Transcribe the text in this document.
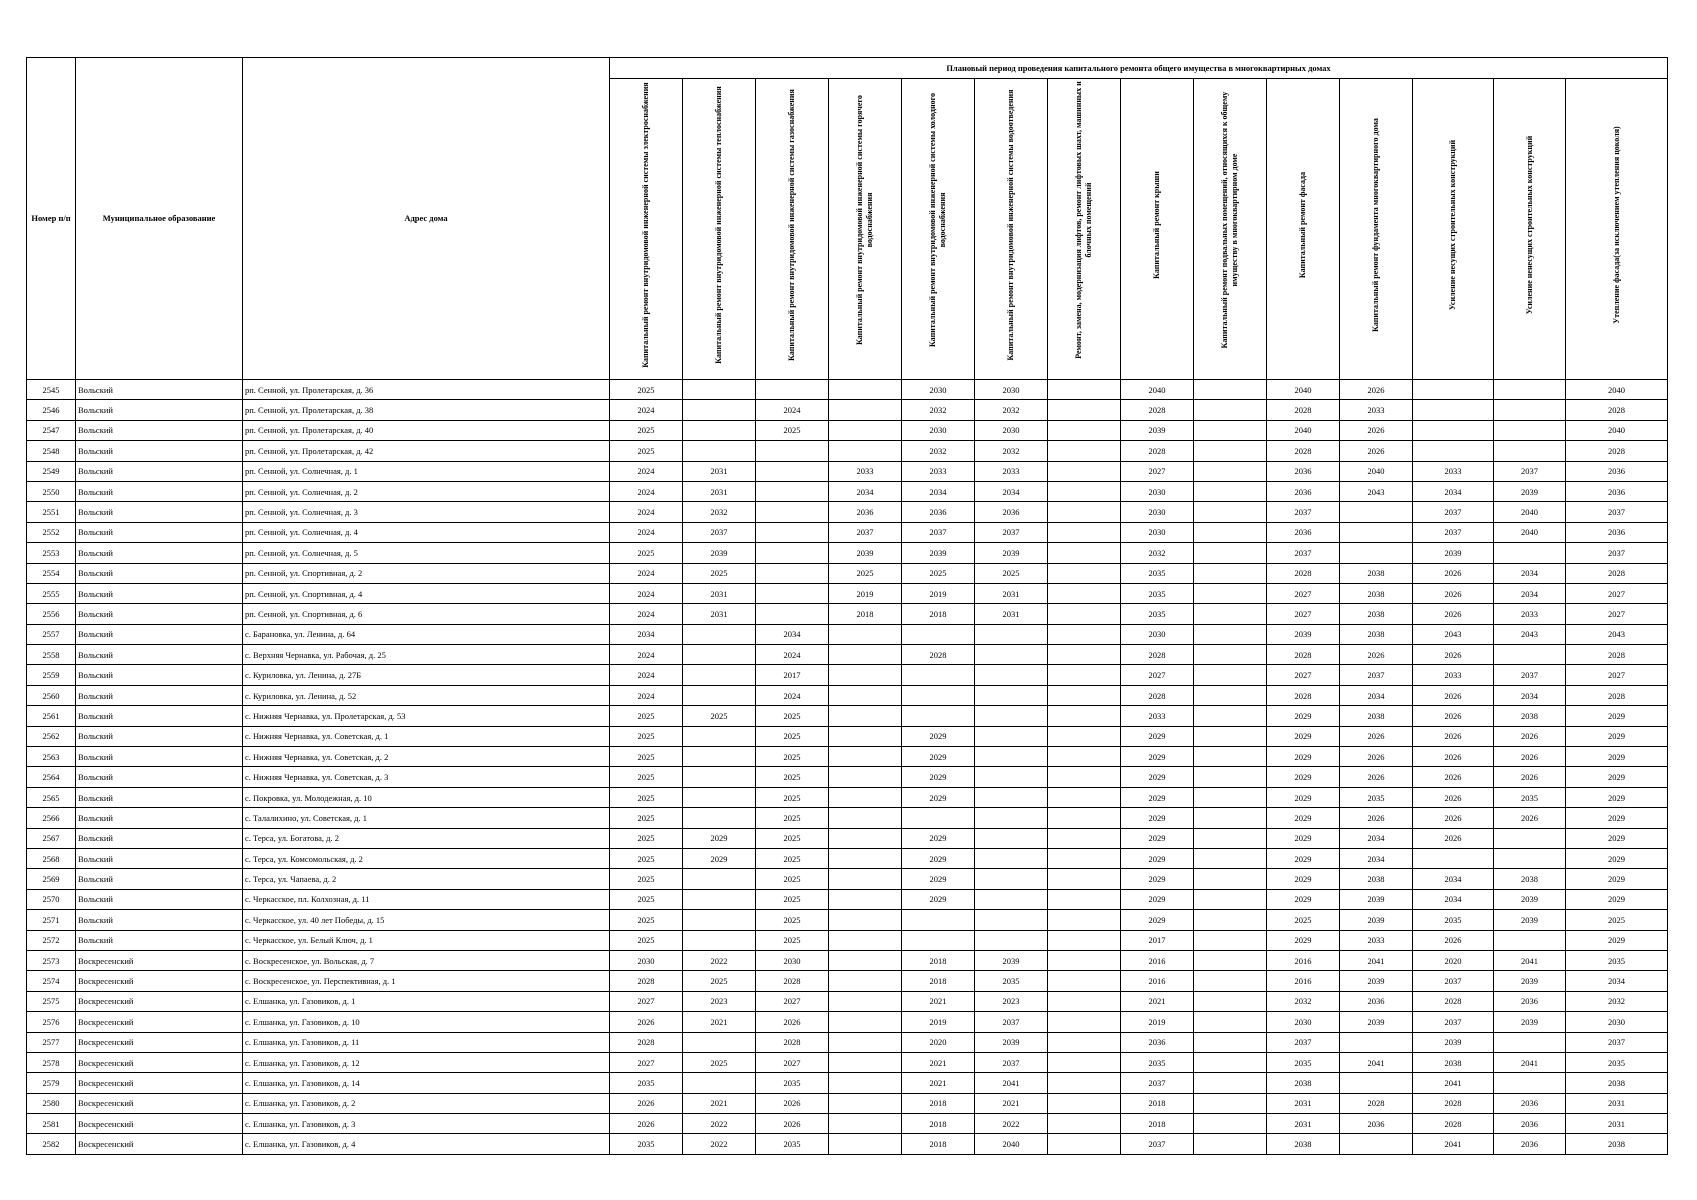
Номер п/п	Муниципальное образование	Адрес дома	Плановый период проведения капитального ремонта общего имущества в многоквартирных домах													

			Капитальный ремонт внутридомовой инженерной системы электроснабжения	Капитальный ремонт внутридомовой инженерной системы теплоснабжения	Капитальный ремонт внутридомовой инженерной системы газоснабжения	Капитальный ремонт внутридомовой инженерной системы горячего водоснабжения	Капитальный ремонт внутридомовой инженерной системы холодного водоснабжения	Капитальный ремонт внутридомовой инженерной системы водоотведения	Ремонт, замена, модернизация лифтов, ремонт лифтовых шахт, машинных и блочных помещений	Капитальный ремонт крыши	Капитальный ремонт подвальных помещений, относящихся к общему имуществу в многоквартирном доме	Капитальный ремонт фасада	Капитальный ремонт фундамента многоквартирного дома	Усиление несущих строительных конструкций	Усиление ненесущих строительных конструкций	Утепление фасада(за исключением утепления цоколя)

2545	Вольский	рп. Сенной, ул. Пролетарская, д. 36	2025				2030	2030		2040		2040	2026			2040
2546	Вольский	рп. Сенной, ул. Пролетарская, д. 38	2024		2024		2032	2032		2028		2028	2033			2028
2547	Вольский	рп. Сенной, ул. Пролетарская, д. 40	2025		2025		2030	2030		2039		2040	2026			2040
2548	Вольский	рп. Сенной, ул. Пролетарская, д. 42	2025				2032	2032		2028		2028	2026			2028
2549	Вольский	рп. Сенной, ул. Солнечная, д. 1	2024	2031		2033	2033	2033		2027		2036	2040	2033	2037	2036
2550	Вольский	рп. Сенной, ул. Солнечная, д. 2	2024	2031		2034	2034	2034		2030		2036	2043	2034	2039	2036
2551	Вольский	рп. Сенной, ул. Солнечная, д. 3	2024	2032		2036	2036	2036		2030		2037		2037	2040	2037
2552	Вольский	рп. Сенной, ул. Солнечная, д. 4	2024	2037		2037	2037	2037		2030		2036		2037	2040	2036
2553	Вольский	рп. Сенной, ул. Солнечная, д. 5	2025	2039		2039	2039	2039		2032		2037		2039		2037
2554	Вольский	рп. Сенной, ул. Спортивная, д. 2	2024	2025		2025	2025	2025		2035		2028	2038	2026	2034	2028
2555	Вольский	рп. Сенной, ул. Спортивная, д. 4	2024	2031		2019	2019	2031		2035		2027	2038	2026	2034	2027
2556	Вольский	рп. Сенной, ул. Спортивная, д. 6	2024	2031		2018	2018	2031		2035		2027	2038	2026	2033	2027
2557	Вольский	с. Барановка, ул. Ленина, д. 64	2034		2034					2030		2039	2038	2043	2043	2043
2558	Вольский	с. Верхняя Чернавка, ул. Рабочая, д. 25	2024		2024		2028			2028		2028	2026	2026		2028
2559	Вольский	с. Куриловка, ул. Ленина, д. 27Б	2024		2017					2027		2027	2037	2033	2037	2027
2560	Вольский	с. Куриловка, ул. Ленина, д. 52	2024		2024					2028		2028	2034	2026	2034	2028
2561	Вольский	с. Нижняя Чернавка, ул. Пролетарская, д. 53	2025	2025	2025					2033		2029	2038	2026	2038	2029
2562	Вольский	с. Нижняя Чернавка, ул. Советская, д. 1	2025		2025		2029			2029		2029	2026	2026	2026	2029
2563	Вольский	с. Нижняя Чернавка, ул. Советская, д. 2	2025		2025		2029			2029		2029	2026	2026	2026	2029
2564	Вольский	с. Нижняя Чернавка, ул. Советская, д. 3	2025		2025		2029			2029		2029	2026	2026	2026	2029
2565	Вольский	с. Покровка, ул. Молодежная, д. 10	2025		2025		2029			2029		2029	2035	2026	2035	2029
2566	Вольский	с. Талалихино, ул. Советская, д. 1	2025		2025					2029		2029	2026	2026	2026	2029
2567	Вольский	с. Терса, ул. Богатова, д. 2	2025	2029	2025		2029			2029		2029	2034	2026		2029
2568	Вольский	с. Терса, ул. Комсомольская, д. 2	2025	2029	2025		2029			2029		2029	2034			2029
2569	Вольский	с. Терса, ул. Чапаева, д. 2	2025		2025		2029			2029		2029	2038	2034	2038	2029
2570	Вольский	с. Черкасское, пл. Колхозная, д. 11	2025		2025		2029			2029		2029	2039	2034	2039	2029
2571	Вольский	с. Черкасское, ул. 40 лет Победы, д. 15	2025		2025					2029		2025	2039	2035	2039	2025
2572	Вольский	с. Черкасское, ул. Белый Ключ, д. 1	2025		2025					2017		2029	2033	2026		2029
2573	Воскресенский	с. Воскресенское, ул. Вольская, д. 7	2030	2022	2030		2018	2039		2016		2016	2041	2020	2041	2035
2574	Воскресенский	с. Воскресенское, ул. Перспективная, д. 1	2028	2025	2028		2018	2035		2016		2016	2039	2037	2039	2034
2575	Воскресенский	с. Елшанка, ул. Газовиков, д. 1	2027	2023	2027		2021	2023		2021		2032	2036	2028	2036	2032
2576	Воскресенский	с. Елшанка, ул. Газовиков, д. 10	2026	2021	2026		2019	2037		2019		2030	2039	2037	2039	2030
2577	Воскресенский	с. Елшанка, ул. Газовиков, д. 11	2028		2028		2020	2039		2036		2037		2039		2037
2578	Воскресенский	с. Елшанка, ул. Газовиков, д. 12	2027	2025	2027		2021	2037		2035		2035	2041	2038	2041	2035
2579	Воскресенский	с. Елшанка, ул. Газовиков, д. 14	2035		2035		2021	2041		2037		2038		2041		2038
2580	Воскресенский	с. Елшанка, ул. Газовиков, д. 2	2026	2021	2026		2018	2021		2018		2031	2028	2028	2036	2031
2581	Воскресенский	с. Елшанка, ул. Газовиков, д. 3	2026	2022	2026		2018	2022		2018		2031	2036	2028	2036	2031
2582	Воскресенский	с. Елшанка, ул. Газовиков, д. 4	2035	2022	2035		2018	2040		2037		2038		2041	2036	2038
